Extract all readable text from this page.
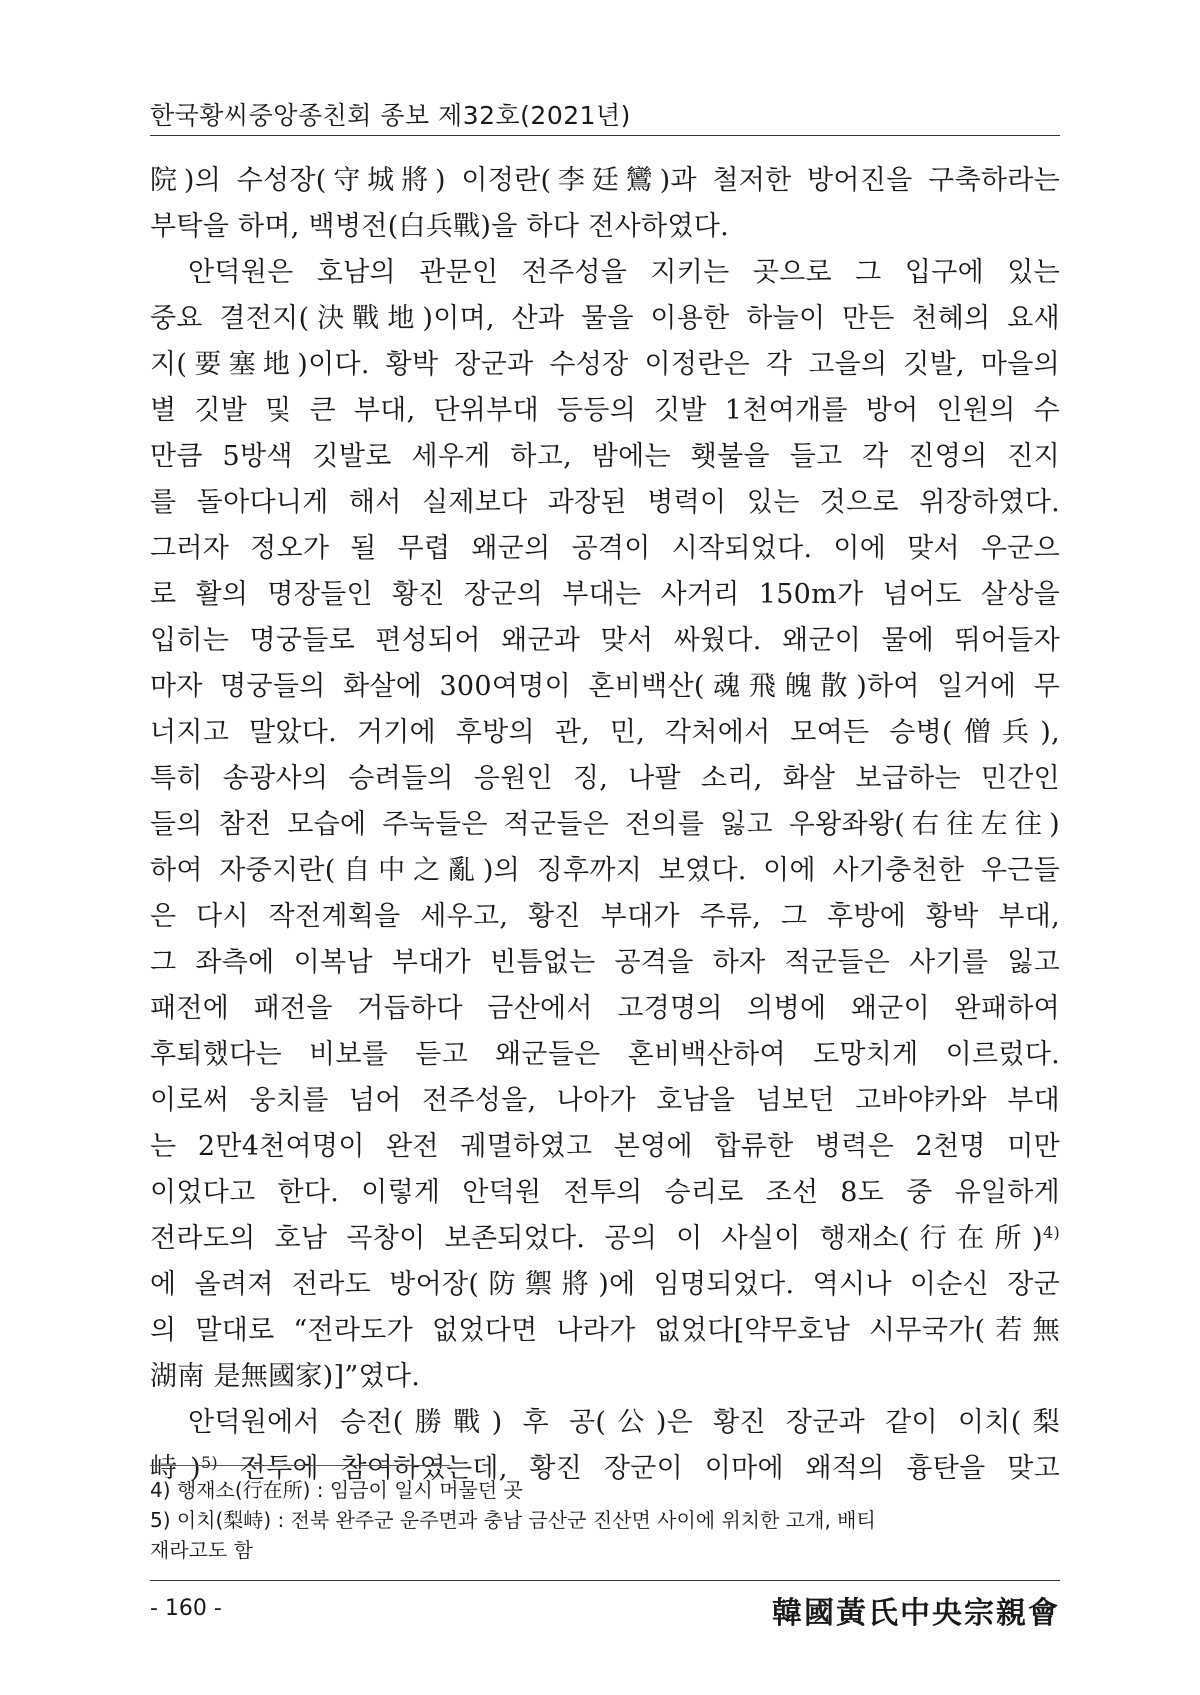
한국황씨중앙종친회 종보 제32호(2021년)
院)의 수성장(守城將) 이정란(李廷鸞)과 철저한 방어진을 구축하라는
부탁을 하며, 백병전(白兵戰)을 하다 전사하였다.
안덕원은 호남의 관문인 전주성을 지키는 곳으로 그 입구에 있는
중요 결전지(決戰地)이며, 산과 물을 이용한 하늘이 만든 천혜의 요새
지(要塞地)이다. 황박 장군과 수성장 이정란은 각 고을의 깃발, 마을의
별 깃발 및 큰 부대, 단위부대 등등의 깃발 1천여개를 방어 인원의 수
만큼 5방색 깃발로 세우게 하고, 밤에는 횃불을 들고 각 진영의 진지
를 돌아다니게 해서 실제보다 과장된 병력이 있는 것으로 위장하였다.
그러자 정오가 될 무렵 왜군의 공격이 시작되었다. 이에 맞서 우군으
로 활의 명장들인 황진 장군의 부대는 사거리 150m가 넘어도 살상을
입히는 명궁들로 편성되어 왜군과 맞서 싸웠다. 왜군이 물에 뛰어들자
마자 명궁들의 화살에 300여명이 혼비백산(魂飛魄散)하여 일거에 무
너지고 말았다. 거기에 후방의 관, 민, 각처에서 모여든 승병(僧兵),
특히 송광사의 승려들의 응원인 징, 나팔 소리, 화살 보급하는 민간인
들의 참전 모습에 주눅들은 적군들은 전의를 잃고 우왕좌왕(右往左往)
하여 자중지란(自中之亂)의 징후까지 보였다. 이에 사기충천한 우근들
은 다시 작전계획을 세우고, 황진 부대가 주류, 그 후방에 황박 부대,
그 좌측에 이복남 부대가 빈틈없는 공격을 하자 적군들은 사기를 잃고
패전에 패전을 거듭하다 금산에서 고경명의 의병에 왜군이 완패하여
후퇴했다는 비보를 듣고 왜군들은 혼비백산하여 도망치게 이르렀다.
이로써 웅치를 넘어 전주성을, 나아가 호남을 넘보던 고바야카와 부대
는 2만4천여명이 완전 궤멸하였고 본영에 합류한 병력은 2천명 미만
이었다고 한다. 이렇게 안덕원 전투의 승리로 조선 8도 중 유일하게
전라도의 호남 곡창이 보존되었다. 공의 이 사실이 행재소(行在所)$^{4)}$
에 올려져 전라도 방어장(防禦將)에 임명되었다. 역시나 이순신 장군
의 말대로 “전라도가 없었다면 나라가 없었다[약무호남 시무국가(若無
湖南 是無國家)]”였다.
안덕원에서 승전(勝戰) 후 공(公)은 황진 장군과 같이 이치(梨
峙)$^{5)}$ 전투에 참여하였는데, 황진 장군이 이마에 왜적의 흉탄을 맞고
4) 행재소(行在所) : 임금이 일시 머물던 곳
5) 이치(梨峙) : 전북 완주군 운주면과 충남 금산군 진산면 사이에 위치한 고개, 배티
재라고도 함
- 160 -	韓國黃氏中央宗親會
